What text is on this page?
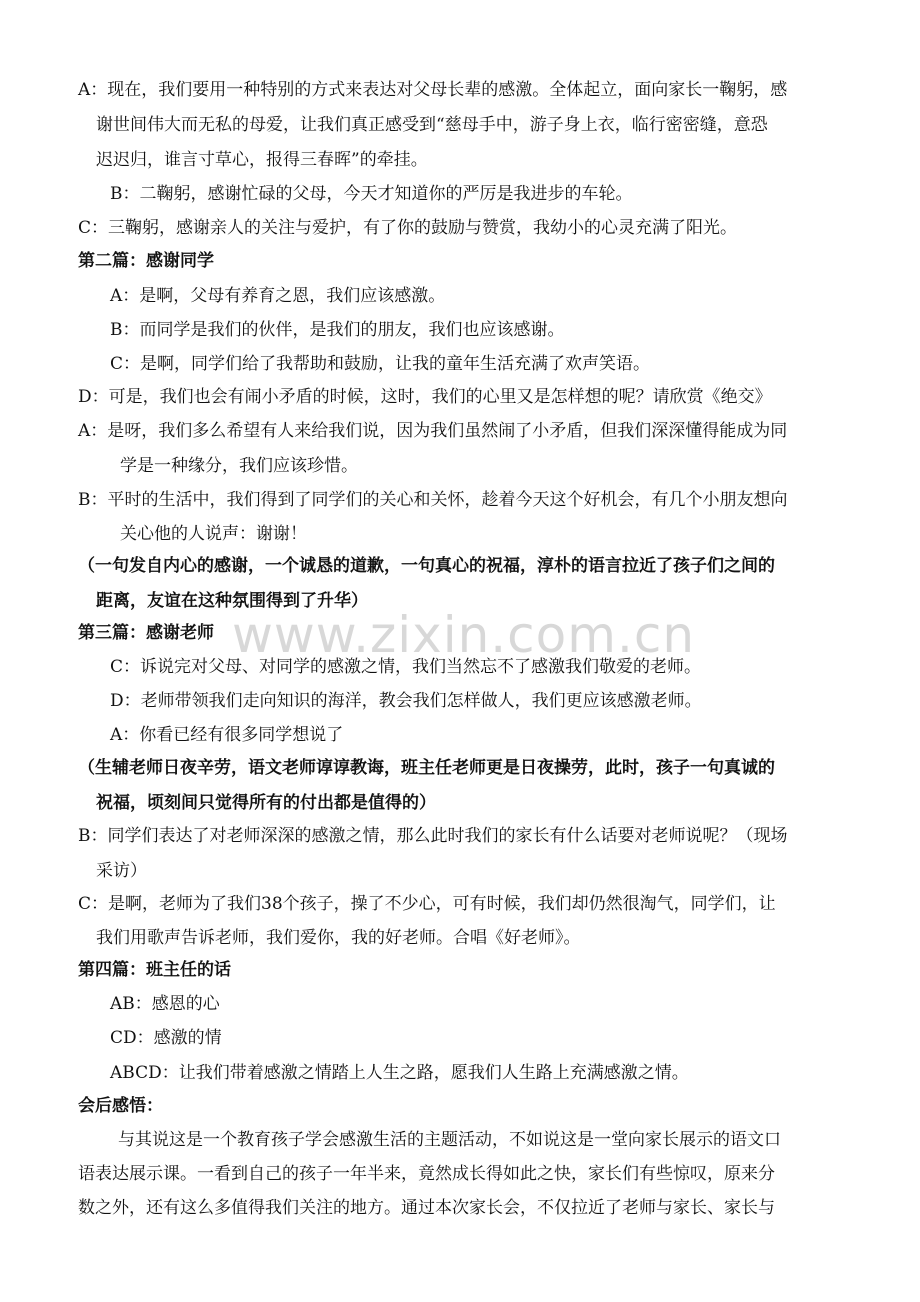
www.zixin.com.cn
A：现在，我们要用一种特别的方式来表达对父母长辈的感激。全体起立，面向家长一鞠躬，感
谢世间伟大而无私的母爱，让我们真正感受到“慈母手中，游子身上衣，临行密密缝，意恐
迟迟归，谁言寸草心，报得三春晖”的牵挂。
B：二鞠躬，感谢忙碌的父母，今天才知道你的严厉是我进步的车轮。
C：三鞠躬，感谢亲人的关注与爱护，有了你的鼓励与赞赏，我幼小的心灵充满了阳光。
第二篇：感谢同学
A：是啊，父母有养育之恩，我们应该感激。
B：而同学是我们的伙伴，是我们的朋友，我们也应该感谢。
C：是啊，同学们给了我帮助和鼓励，让我的童年生活充满了欢声笑语。
D：可是，我们也会有闹小矛盾的时候，这时，我们的心里又是怎样想的呢？请欣赏《绝交》
A：是呀，我们多么希望有人来给我们说，因为我们虽然闹了小矛盾，但我们深深懂得能成为同
学是一种缘分，我们应该珍惜。
B：平时的生活中，我们得到了同学们的关心和关怀，趁着今天这个好机会，有几个小朋友想向
关心他的人说声：谢谢！
（一句发自内心的感谢，一个诚恳的道歉，一句真心的祝福，淳朴的语言拉近了孩子们之间的
距离，友谊在这种氛围得到了升华）
第三篇：感谢老师
C：诉说完对父母、对同学的感激之情，我们当然忘不了感激我们敬爱的老师。
D：老师带领我们走向知识的海洋，教会我们怎样做人，我们更应该感激老师。
A：你看已经有很多同学想说了
（生辅老师日夜辛劳，语文老师谆谆教诲，班主任老师更是日夜操劳，此时，孩子一句真诚的
祝福，顷刻间只觉得所有的付出都是值得的）
B：同学们表达了对老师深深的感激之情，那么此时我们的家长有什么话要对老师说呢？（现场
采访）
C：是啊，老师为了我们38个孩子，操了不少心，可有时候，我们却仍然很淘气，同学们，让
我们用歌声告诉老师，我们爱你，我的好老师。合唱《好老师》。
第四篇：班主任的话
AB：感恩的心
CD：感激的情
ABCD：让我们带着感激之情踏上人生之路，愿我们人生路上充满感激之情。
会后感悟：
与其说这是一个教育孩子学会感激生活的主题活动，不如说这是一堂向家长展示的语文口
语表达展示课。一看到自己的孩子一年半来，竟然成长得如此之快，家长们有些惊叹，原来分
数之外，还有这么多值得我们关注的地方。通过本次家长会，不仅拉近了老师与家长、家长与
